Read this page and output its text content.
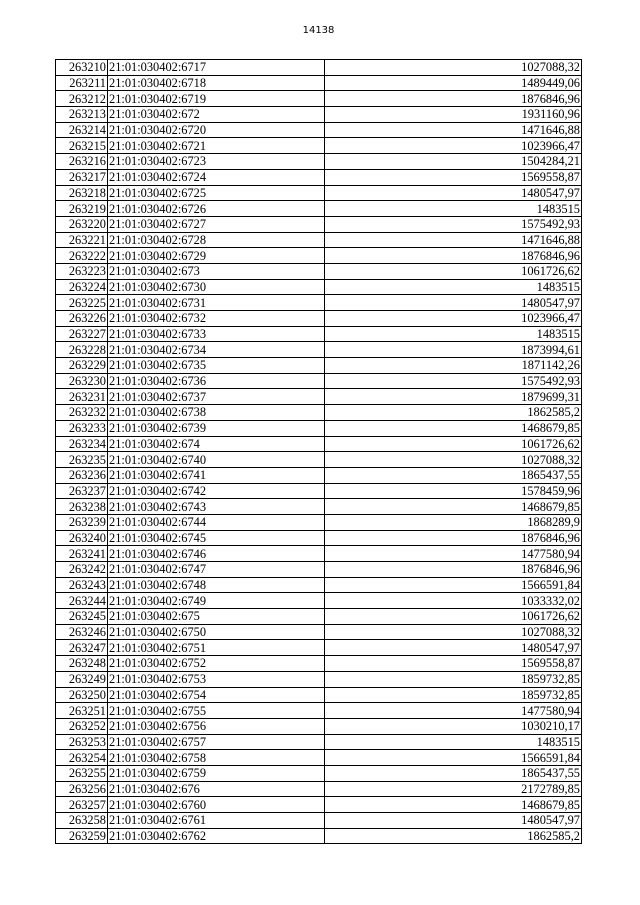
14138
263210	21:01:030402:6717	1027088,32
263211	21:01:030402:6718	1489449,06
263212	21:01:030402:6719	1876846,96
263213	21:01:030402:672	1931160,96
263214	21:01:030402:6720	1471646,88
263215	21:01:030402:6721	1023966,47
263216	21:01:030402:6723	1504284,21
263217	21:01:030402:6724	1569558,87
263218	21:01:030402:6725	1480547,97
263219	21:01:030402:6726	1483515
263220	21:01:030402:6727	1575492,93
263221	21:01:030402:6728	1471646,88
263222	21:01:030402:6729	1876846,96
263223	21:01:030402:673	1061726,62
263224	21:01:030402:6730	1483515
263225	21:01:030402:6731	1480547,97
263226	21:01:030402:6732	1023966,47
263227	21:01:030402:6733	1483515
263228	21:01:030402:6734	1873994,61
263229	21:01:030402:6735	1871142,26
263230	21:01:030402:6736	1575492,93
263231	21:01:030402:6737	1879699,31
263232	21:01:030402:6738	1862585,2
263233	21:01:030402:6739	1468679,85
263234	21:01:030402:674	1061726,62
263235	21:01:030402:6740	1027088,32
263236	21:01:030402:6741	1865437,55
263237	21:01:030402:6742	1578459,96
263238	21:01:030402:6743	1468679,85
263239	21:01:030402:6744	1868289,9
263240	21:01:030402:6745	1876846,96
263241	21:01:030402:6746	1477580,94
263242	21:01:030402:6747	1876846,96
263243	21:01:030402:6748	1566591,84
263244	21:01:030402:6749	1033332,02
263245	21:01:030402:675	1061726,62
263246	21:01:030402:6750	1027088,32
263247	21:01:030402:6751	1480547,97
263248	21:01:030402:6752	1569558,87
263249	21:01:030402:6753	1859732,85
263250	21:01:030402:6754	1859732,85
263251	21:01:030402:6755	1477580,94
263252	21:01:030402:6756	1030210,17
263253	21:01:030402:6757	1483515
263254	21:01:030402:6758	1566591,84
263255	21:01:030402:6759	1865437,55
263256	21:01:030402:676	2172789,85
263257	21:01:030402:6760	1468679,85
263258	21:01:030402:6761	1480547,97
263259	21:01:030402:6762	1862585,2
